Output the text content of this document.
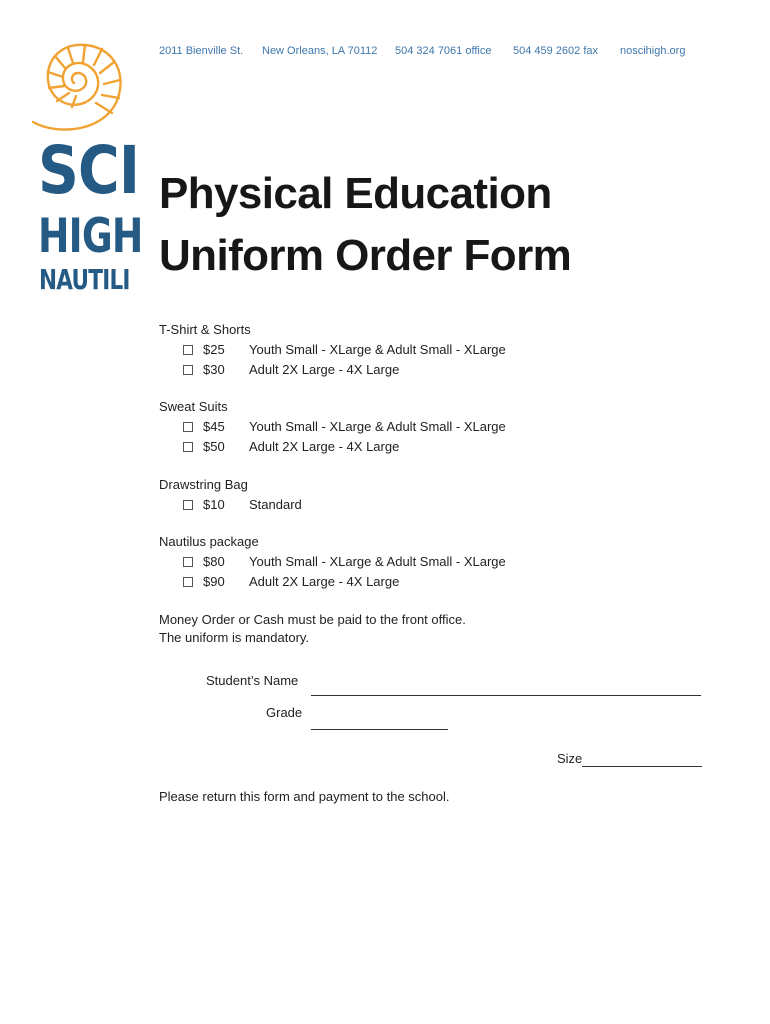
SCI
HIGH
NAUTILI
2011 Bienville St. New Orleans, LA 70112 504 324 7061 office 504 459 2602 fax noscihigh.org
Physical Education
Uniform Order Form
T-Shirt & Shorts
$25 Youth Small - XLarge & Adult Small - XLarge
$30 Adult 2X Large - 4X Large
Sweat Suits
$45 Youth Small - XLarge & Adult Small - XLarge
$50 Adult 2X Large - 4X Large
Drawstring Bag
$10 Standard
Nautilus package
$80 Youth Small - XLarge & Adult Small - XLarge
$90 Adult 2X Large - 4X Large
Money Order or Cash must be paid to the front office.
The uniform is mandatory.
Student’s Name
Grade
Size
Please return this form and payment to the school.
